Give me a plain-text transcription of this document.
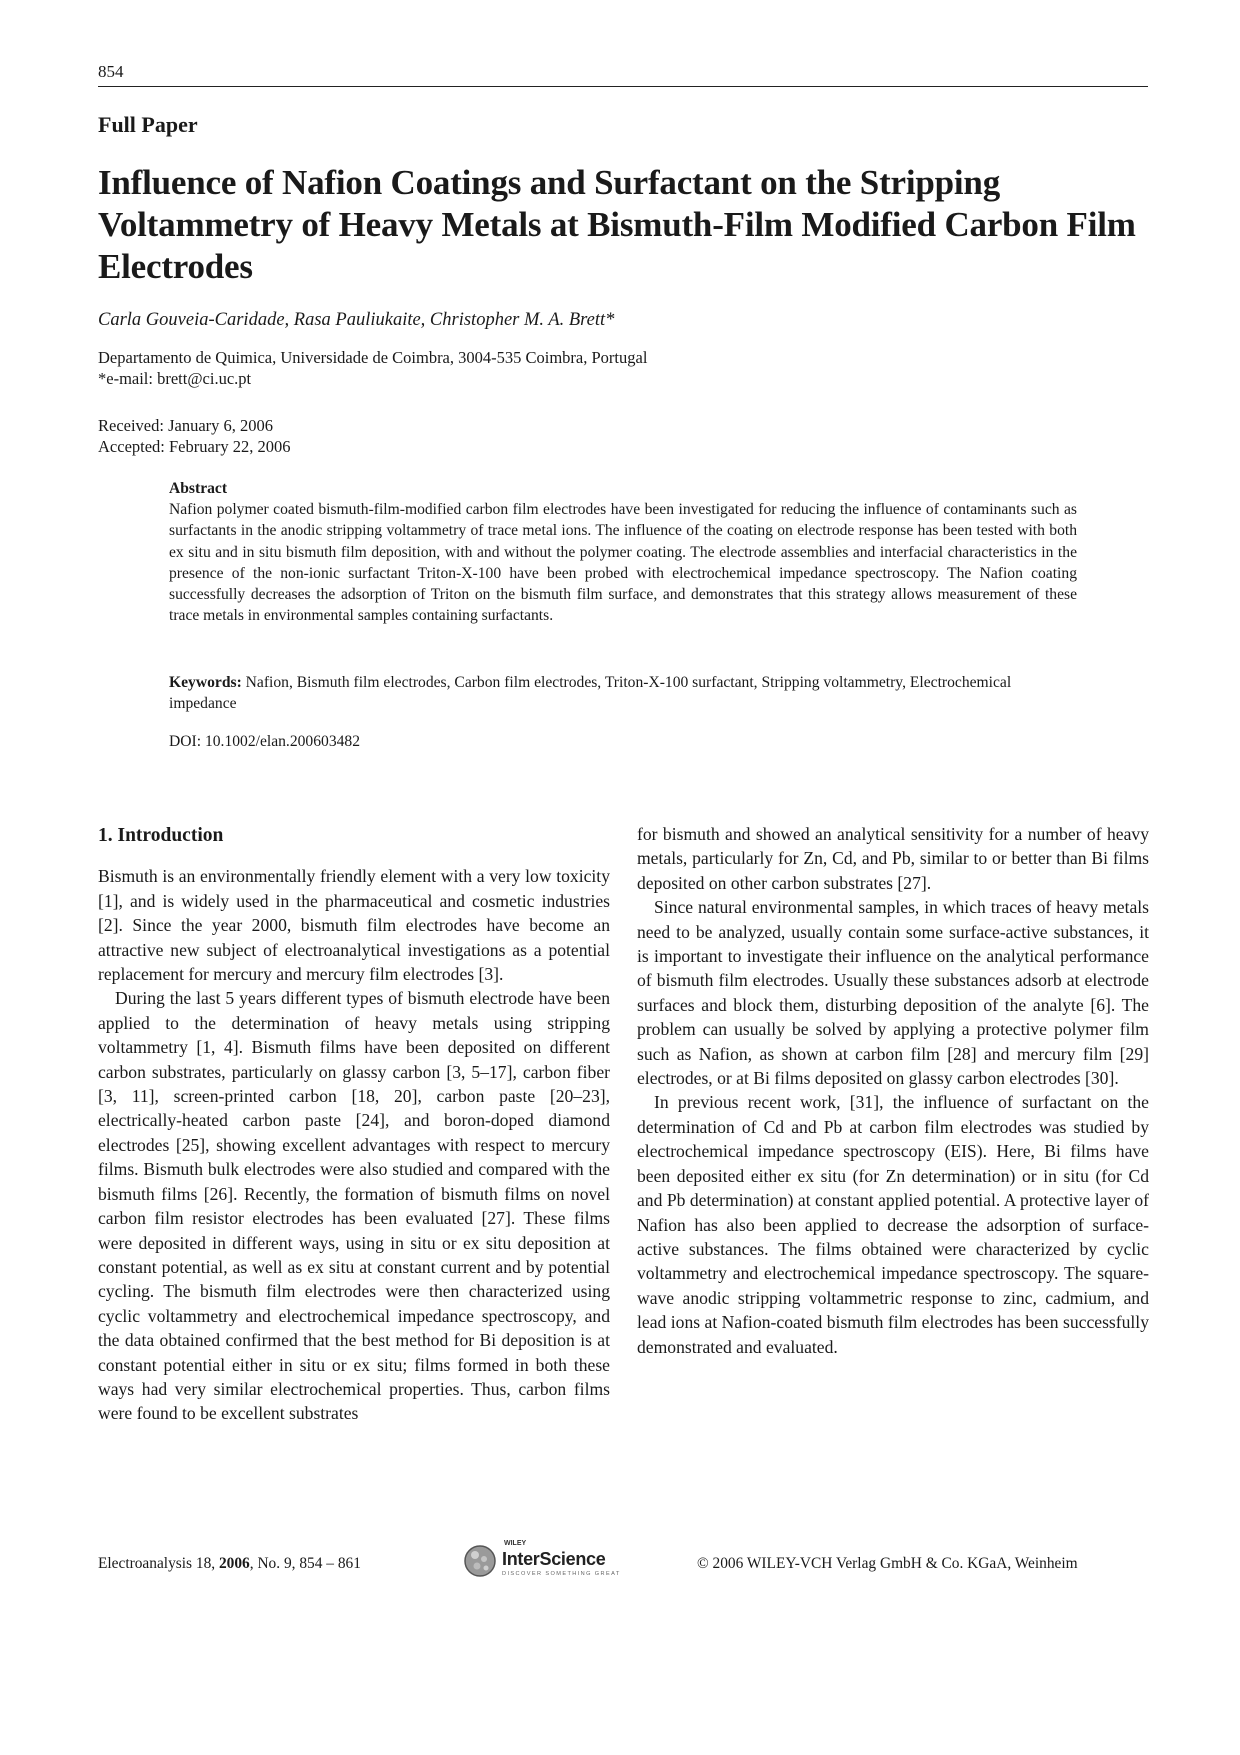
854
Full Paper
Influence of Nafion Coatings and Surfactant on the Stripping Voltammetry of Heavy Metals at Bismuth-Film Modified Carbon Film Electrodes
Carla Gouveia-Caridade, Rasa Pauliukaite, Christopher M. A. Brett*
Departamento de Quimica, Universidade de Coimbra, 3004-535 Coimbra, Portugal
*e-mail: brett@ci.uc.pt
Received: January 6, 2006
Accepted: February 22, 2006
Abstract
Nafion polymer coated bismuth-film-modified carbon film electrodes have been investigated for reducing the influence of contaminants such as surfactants in the anodic stripping voltammetry of trace metal ions. The influence of the coating on electrode response has been tested with both ex situ and in situ bismuth film deposition, with and without the polymer coating. The electrode assemblies and interfacial characteristics in the presence of the non-ionic surfactant Triton-X-100 have been probed with electrochemical impedance spectroscopy. The Nafion coating successfully decreases the adsorption of Triton on the bismuth film surface, and demonstrates that this strategy allows measurement of these trace metals in environmental samples containing surfactants.
Keywords: Nafion, Bismuth film electrodes, Carbon film electrodes, Triton-X-100 surfactant, Stripping voltammetry, Electrochemical impedance
DOI: 10.1002/elan.200603482
1. Introduction

Bismuth is an environmentally friendly element with a very low toxicity [1], and is widely used in the pharmaceutical and cosmetic industries [2]. Since the year 2000, bismuth film electrodes have become an attractive new subject of electroanalytical investigations as a potential replacement for mercury and mercury film electrodes [3].

During the last 5 years different types of bismuth electrode have been applied to the determination of heavy metals using stripping voltammetry [1, 4]. Bismuth films have been deposited on different carbon substrates, particularly on glassy carbon [3, 5–17], carbon fiber [3, 11], screen-printed carbon [18, 20], carbon paste [20–23], electrically-heated carbon paste [24], and boron-doped diamond electrodes [25], showing excellent advantages with respect to mercury films. Bismuth bulk electrodes were also studied and compared with the bismuth films [26]. Recently, the formation of bismuth films on novel carbon film resistor electrodes has been evaluated [27]. These films were deposited in different ways, using in situ or ex situ deposition at constant potential, as well as ex situ at constant current and by potential cycling. The bismuth film electrodes were then characterized using cyclic voltammetry and electrochemical impedance spectroscopy, and the data obtained confirmed that the best method for Bi deposition is at constant potential either in situ or ex situ; films formed in both these ways had very similar electrochemical properties. Thus, carbon films were found to be excellent substrates

for bismuth and showed an analytical sensitivity for a number of heavy metals, particularly for Zn, Cd, and Pb, similar to or better than Bi films deposited on other carbon substrates [27].

Since natural environmental samples, in which traces of heavy metals need to be analyzed, usually contain some surface-active substances, it is important to investigate their influence on the analytical performance of bismuth film electrodes. Usually these substances adsorb at electrode surfaces and block them, disturbing deposition of the analyte [6]. The problem can usually be solved by applying a protective polymer film such as Nafion, as shown at carbon film [28] and mercury film [29] electrodes, or at Bi films deposited on glassy carbon electrodes [30].

In previous recent work, [31], the influence of surfactant on the determination of Cd and Pb at carbon film electrodes was studied by electrochemical impedance spectroscopy (EIS). Here, Bi films have been deposited either ex situ (for Zn determination) or in situ (for Cd and Pb determination) at constant applied potential. A protective layer of Nafion has also been applied to decrease the adsorption of surface-active substances. The films obtained were characterized by cyclic voltammetry and electrochemical impedance spectroscopy. The square-wave anodic stripping voltammetric response to zinc, cadmium, and lead ions at Nafion-coated bismuth film electrodes has been successfully demonstrated and evaluated.

Electroanalysis 18, 2006, No. 9, 854 – 861
WILEY
InterScience
DISCOVER SOMETHING GREAT
© 2006 WILEY-VCH Verlag GmbH & Co. KGaA, Weinheim
